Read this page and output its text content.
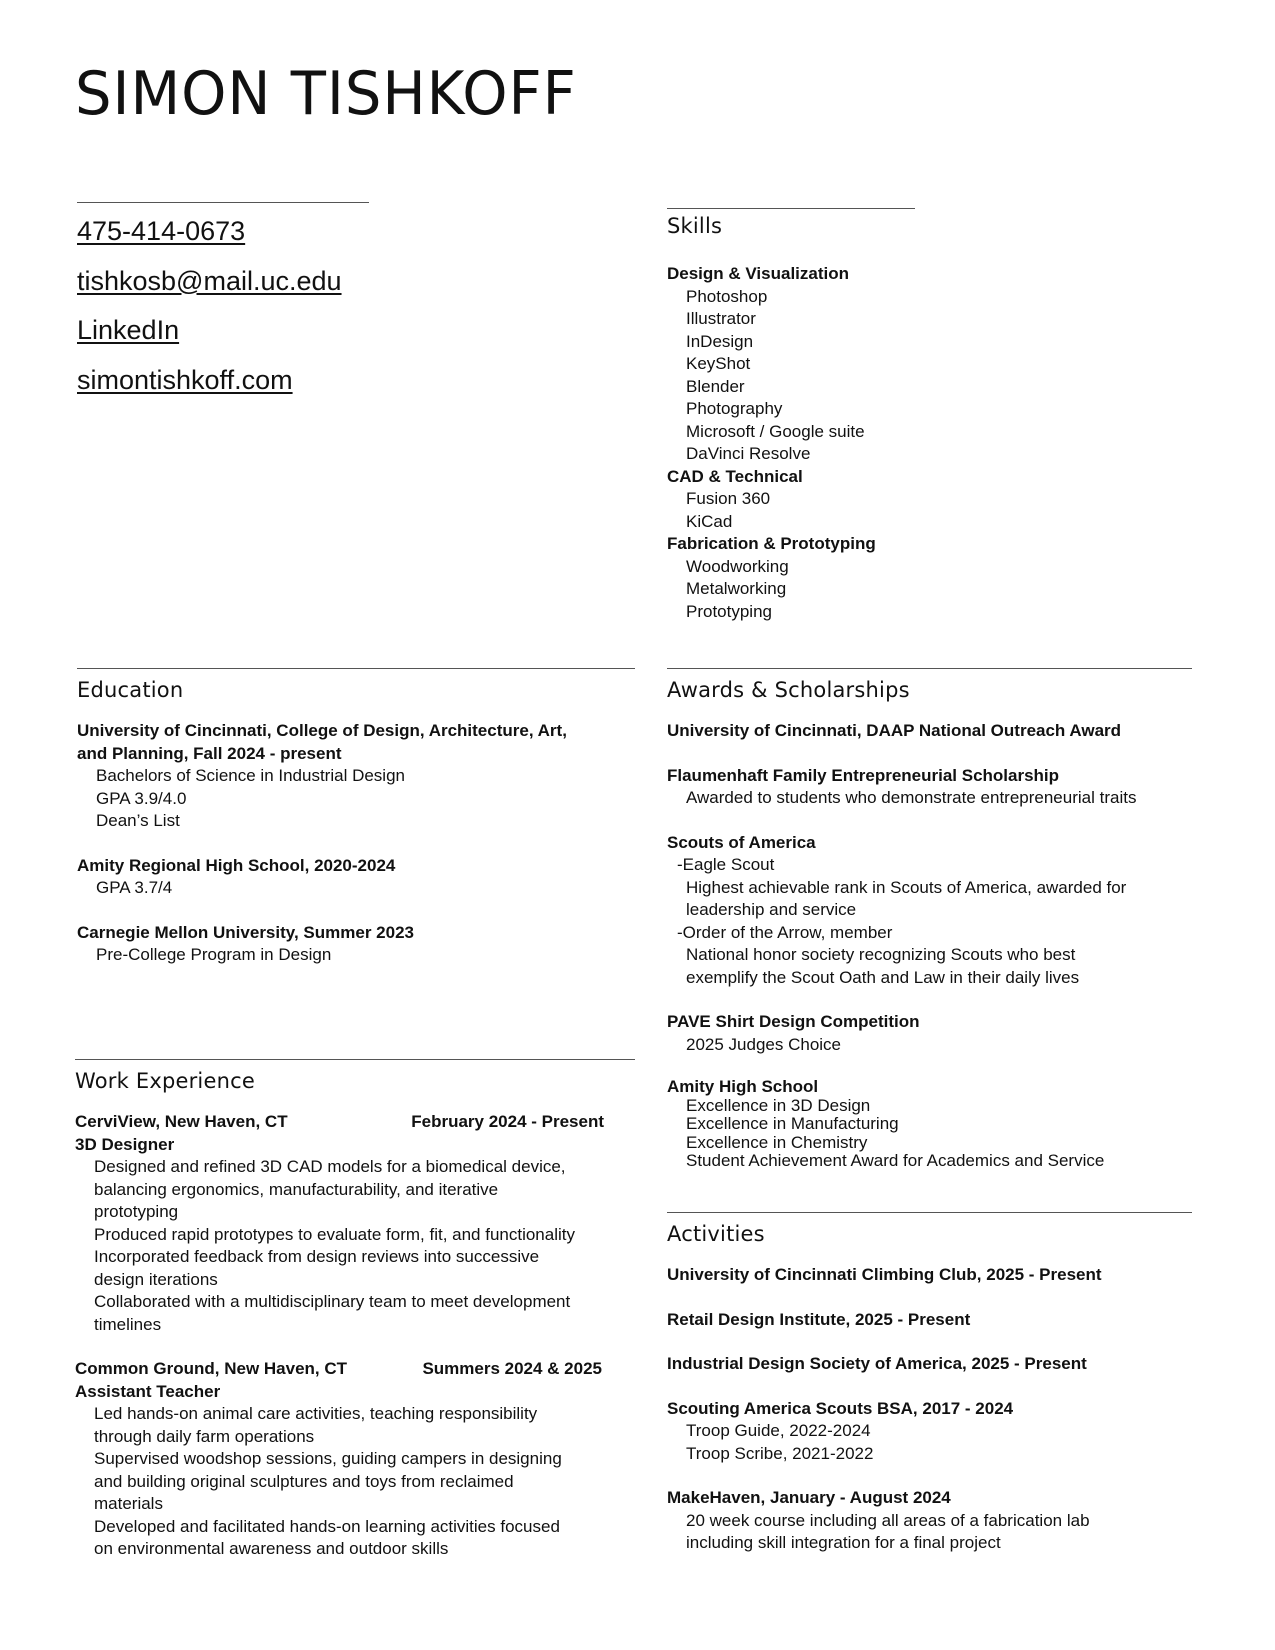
SIMON TISHKOFF
475-414-0673
tishkosb@mail.uc.edu
LinkedIn
simontishkoff.com
Skills
Design & Visualization
Photoshop
Illustrator
InDesign
KeyShot
Blender
Photography
Microsoft / Google suite
DaVinci Resolve
CAD & Technical
Fusion 360
KiCad
Fabrication & Prototyping
Woodworking
Metalworking
Prototyping
Education
University of Cincinnati, College of Design, Architecture, Art,
and Planning, Fall 2024 - present
Bachelors of Science in Industrial Design
GPA 3.9/4.0
Dean’s List
Amity Regional High School, 2020-2024
GPA 3.7/4
Carnegie Mellon University, Summer 2023
Pre-College Program in Design
Work Experience
CerviView, New Haven, CT	February 2024 - Present
3D Designer
Designed and refined 3D CAD models for a biomedical device,
balancing ergonomics, manufacturability, and iterative
prototyping
Produced rapid prototypes to evaluate form, fit, and functionality
Incorporated feedback from design reviews into successive
design iterations
Collaborated with a multidisciplinary team to meet development
timelines
Common Ground, New Haven, CT	Summers 2024 & 2025
Assistant Teacher
Led hands-on animal care activities, teaching responsibility
through daily farm operations
Supervised woodshop sessions, guiding campers in designing
and building original sculptures and toys from reclaimed
materials
Developed and facilitated hands-on learning activities focused
on environmental awareness and outdoor skills
Awards & Scholarships
University of Cincinnati, DAAP National Outreach Award
Flaumenhaft Family Entrepreneurial Scholarship
Awarded to students who demonstrate entrepreneurial traits
Scouts of America
-Eagle Scout
Highest achievable rank in Scouts of America, awarded for
leadership and service
-Order of the Arrow, member
National honor society recognizing Scouts who best
exemplify the Scout Oath and Law in their daily lives
PAVE Shirt Design Competition
2025 Judges Choice
Amity High School
Excellence in 3D Design
Excellence in Manufacturing
Excellence in Chemistry
Student Achievement Award for Academics and Service
Activities
University of Cincinnati Climbing Club, 2025 - Present
Retail Design Institute, 2025 - Present
Industrial Design Society of America, 2025 - Present
Scouting America Scouts BSA, 2017 - 2024
Troop Guide, 2022-2024
Troop Scribe, 2021-2022
MakeHaven, January - August 2024
20 week course including all areas of a fabrication lab
including skill integration for a final project
